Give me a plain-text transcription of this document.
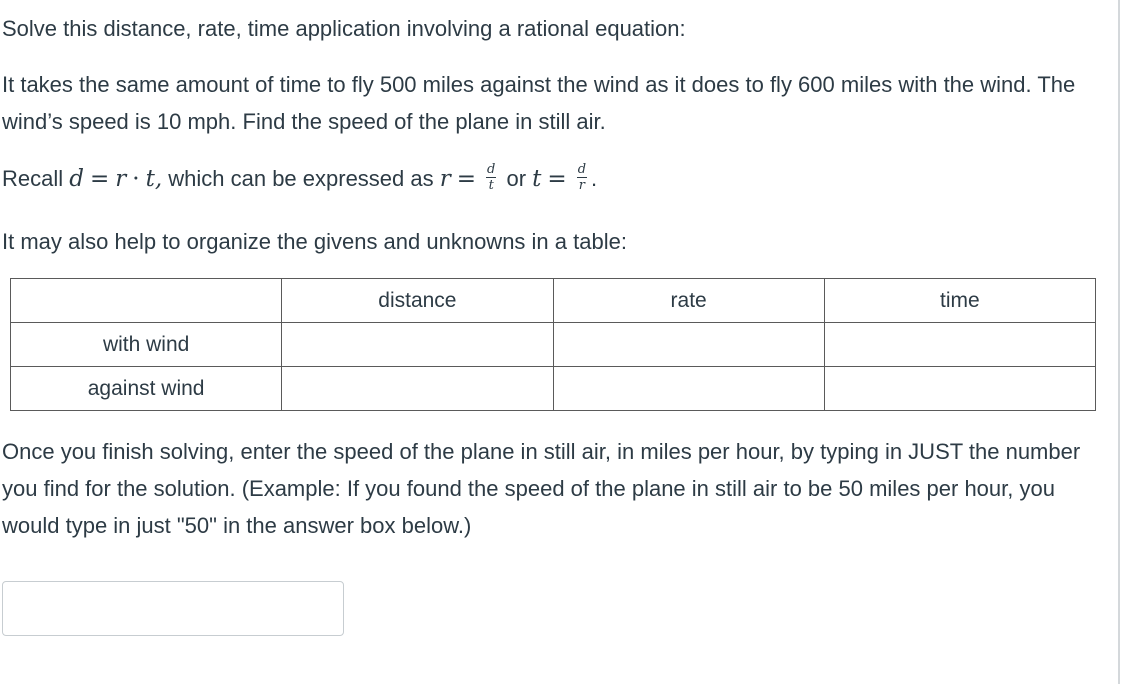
Solve this distance, rate, time application involving a rational equation:

It takes the same amount of time to fly 500 miles against the wind as it does to fly 600 miles with the wind. The wind’s speed is 10 mph. Find the speed of the plane in still air.

Recall d = r · t, which can be expressed as $r = \frac{d}{t}$ or $t = \frac{d}{r}$ .

It may also help to organize the givens and unknowns in a table:

	distance	rate	time
with wind			
against wind			

Once you finish solving, enter the speed of the plane in still air, in miles per hour, by typing in JUST the number you find for the solution. (Example: If you found the speed of the plane in still air to be 50 miles per hour, you would type in just "50" in the answer box below.)
